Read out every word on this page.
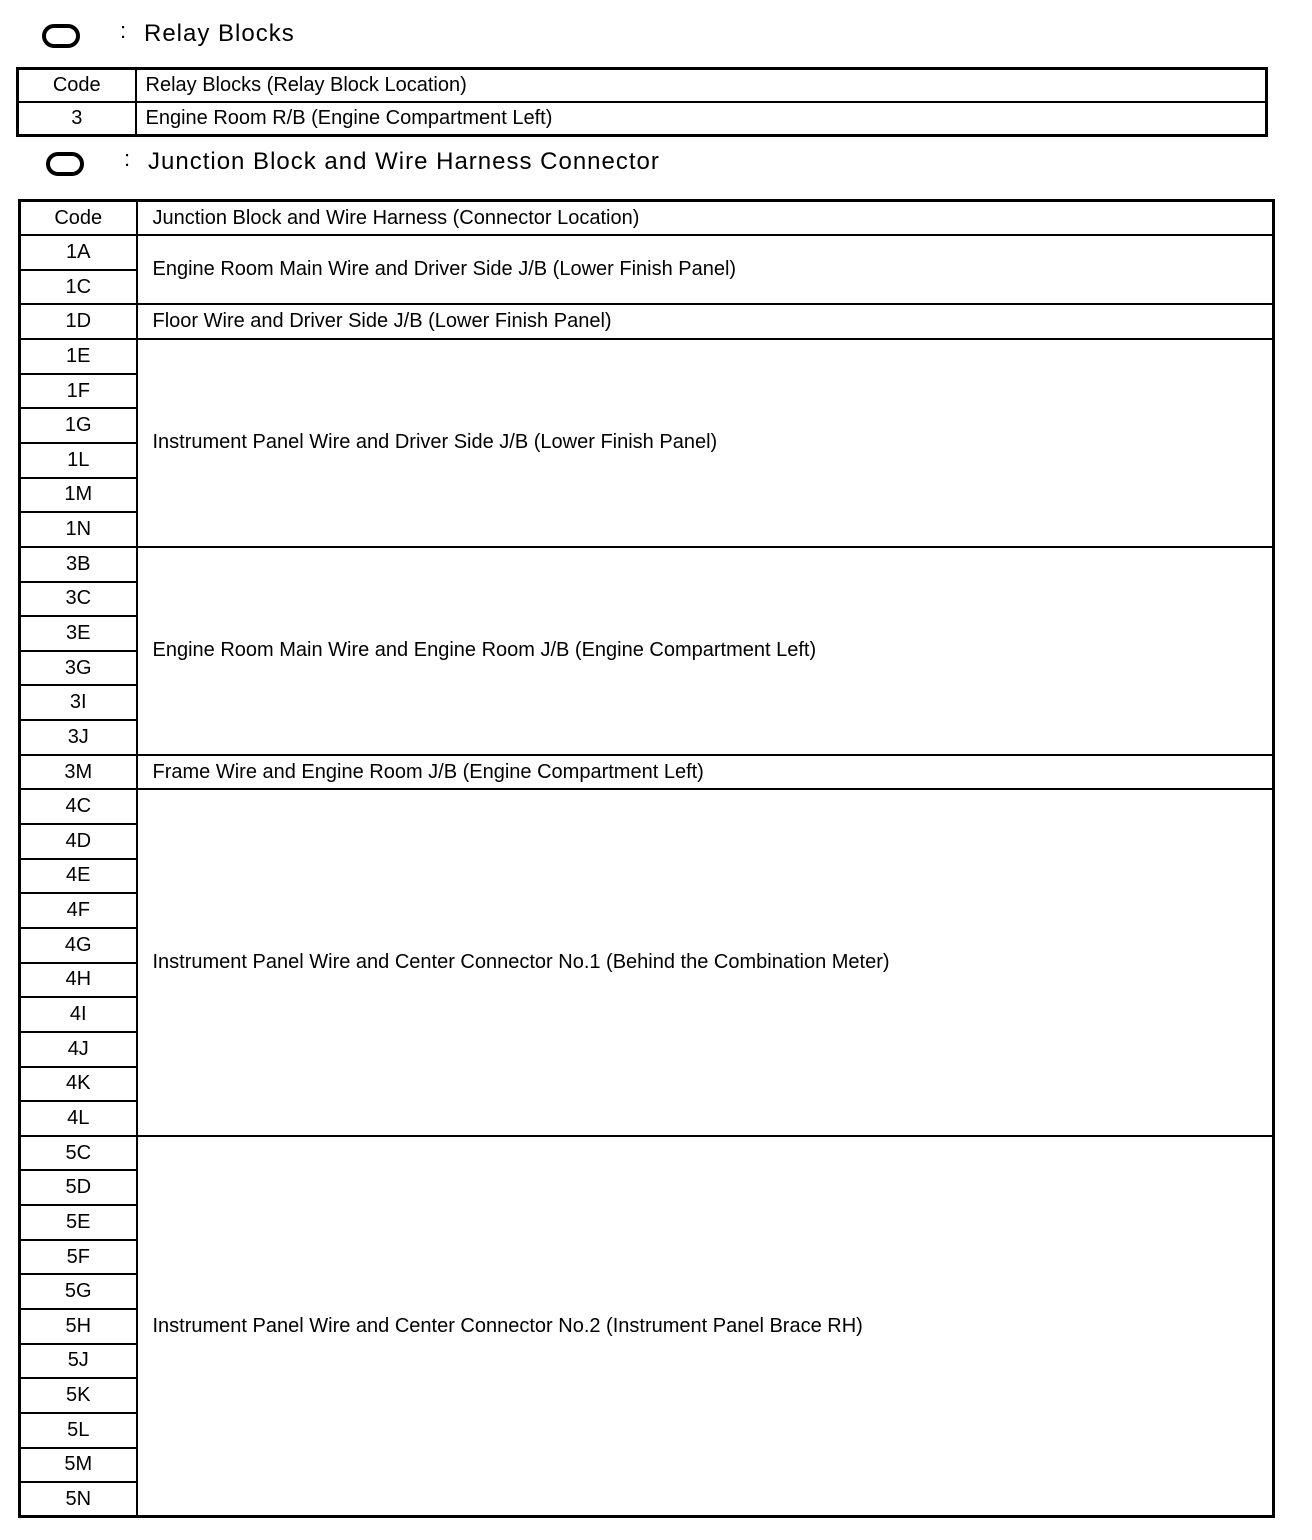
: Relay Blocks
Code	Relay Blocks (Relay Block Location)
3	Engine Room R/B (Engine Compartment Left)
: Junction Block and Wire Harness Connector
Code	Junction Block and Wire Harness (Connector Location)
1A	Engine Room Main Wire and Driver Side J/B (Lower Finish Panel)
1C	
1D	Floor Wire and Driver Side J/B (Lower Finish Panel)
1E	Instrument Panel Wire and Driver Side J/B (Lower Finish Panel)
1F	
1G	
1L	
1M	
1N	
3B	Engine Room Main Wire and Engine Room J/B (Engine Compartment Left)
3C	
3E	
3G	
3I	
3J	
3M	Frame Wire and Engine Room J/B (Engine Compartment Left)
4C	Instrument Panel Wire and Center Connector No.1 (Behind the Combination Meter)
4D	
4E	
4F	
4G	
4H	
4I	
4J	
4K	
4L	
5C	Instrument Panel Wire and Center Connector No.2 (Instrument Panel Brace RH)
5D	
5E	
5F	
5G	
5H	
5J	
5K	
5L	
5M	
5N	
